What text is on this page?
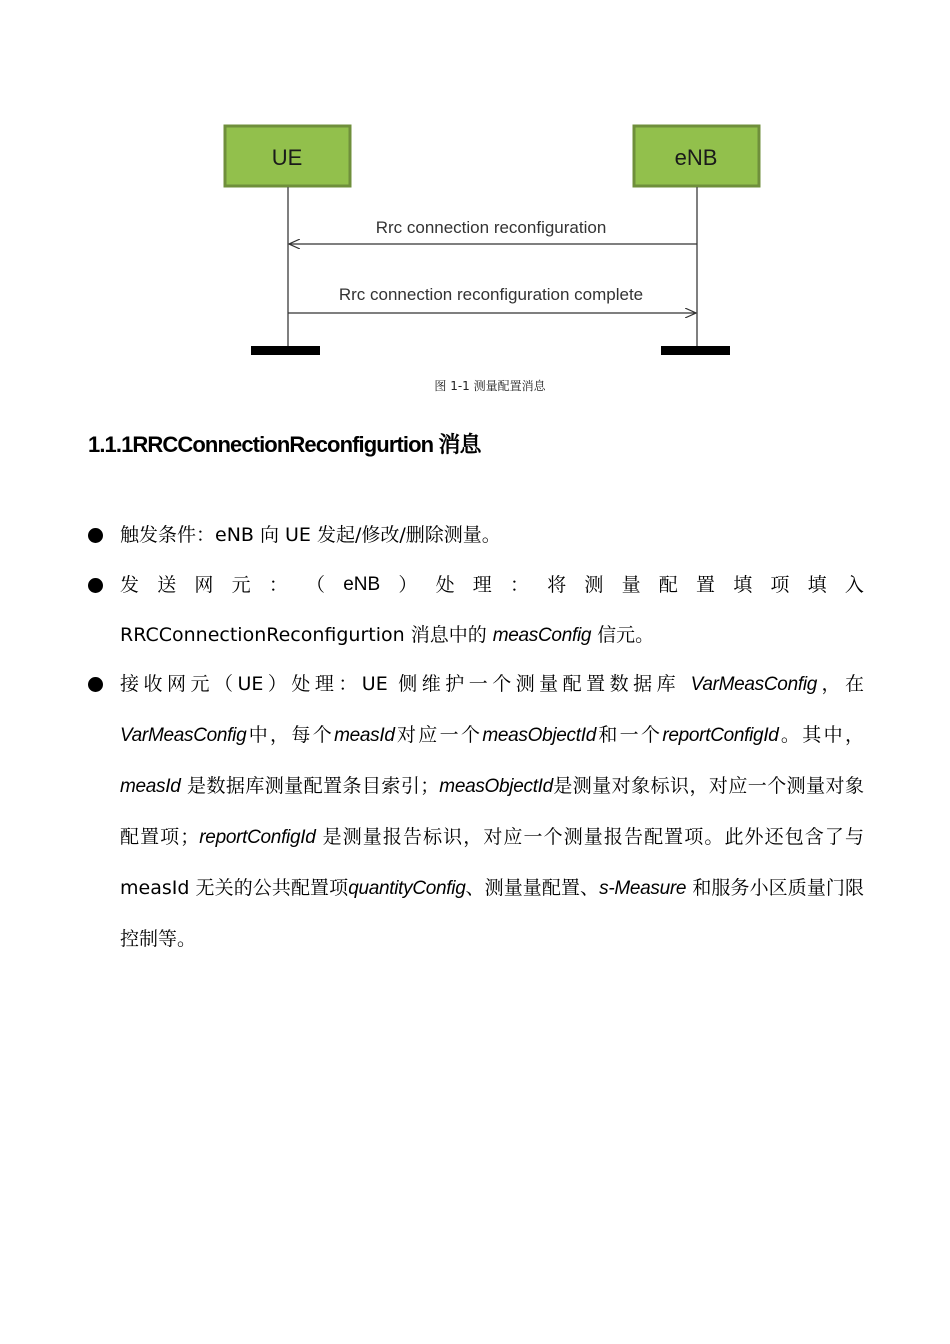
UE	eNB
Rrc connection reconfiguration
Rrc connection reconfiguration complete
图 1-1 测量配置消息
1.1.1RRCConnectionReconfigurtion 消息
触发条件：eNB 向 UE 发起/修改/删除测量。
发 送 网 元 ： （ eNB ） 处 理 ： 将 测 量 配 置 填 项 填 入
RRCConnectionReconfigurtion 消息中的 measConfig 信元。
接收网元（UE）处理：UE 侧维护一个测量配置数据库 VarMeasConfig，在VarMeasConfig中，每个measId对应一个measObjectId和一个reportConfigId。其中，measId 是数据库测量配置条目索引；measObjectId是测量对象标识，对应一个测量对象配置项；reportConfigId 是测量报告标识，对应一个测量报告配置项。此外还包含了与 measId 无关的公共配置项quantityConfig、测量量配置、s-Measure 和服务小区质量门限控制等。
